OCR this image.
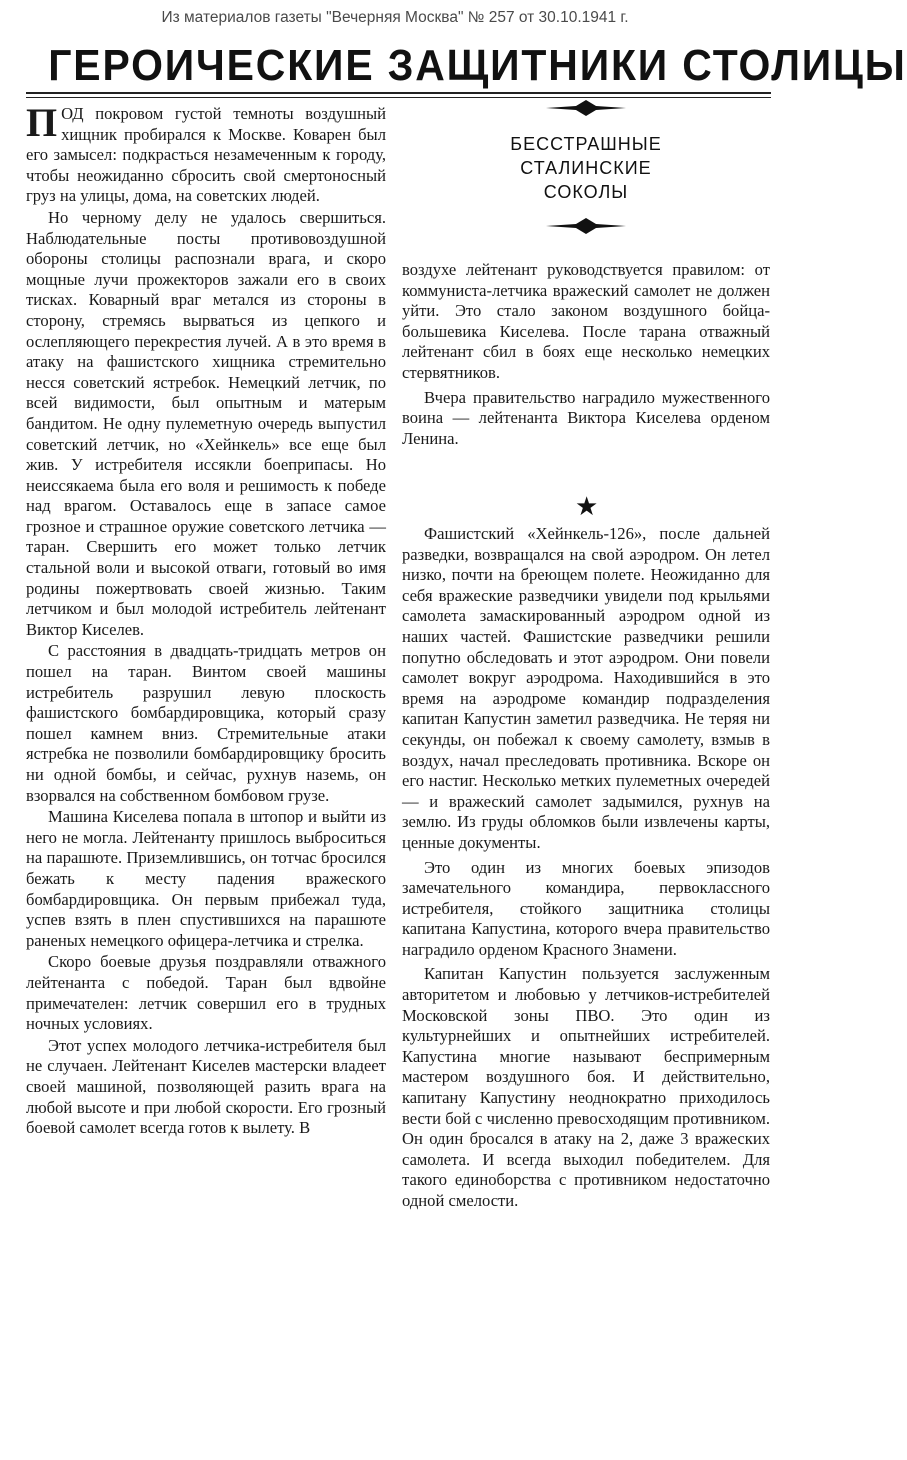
Из материалов газеты "Вечерняя Москва" № 257 от 30.10.1941 г.
ГЕРОИЧЕСКИЕ ЗАЩИТНИКИ СТОЛИЦЫ

ПОД покровом густой темноты воздушный хищник пробирался к Москве. Коварен был его замысел: подкрасться незамеченным к городу, чтобы неожиданно сбросить свой смертоносный груз на улицы, дома, на советских людей.

Но черному делу не удалось свершиться. Наблюдательные посты противовоздушной обороны столицы распознали врага, и скоро мощные лучи прожекторов зажали его в своих тисках. Коварный враг метался из стороны в сторону, стремясь вырваться из цепкого и ослепляющего перекрестия лучей. А в это время в атаку на фашистского хищника стремительно несся советский ястребок. Немецкий летчик, по всей видимости, был опытным и матерым бандитом. Не одну пулеметную очередь выпустил советский летчик, но «Хейнкель» все еще был жив. У истребителя иссякли боеприпасы. Но неиссякаема была его воля и решимость к победе над врагом. Оставалось еще в запасе самое грозное и страшное оружие советского летчика — таран. Свершить его может только летчик стальной воли и высокой отваги, готовый во имя родины пожертвовать своей жизнью. Таким летчиком и был молодой истребитель лейтенант Виктор Киселев.

С расстояния в двадцать-тридцать метров он пошел на таран. Винтом своей машины истребитель разрушил левую плоскость фашистского бомбардировщика, который сразу пошел камнем вниз. Стремительные атаки ястребка не позволили бомбардировщику бросить ни одной бомбы, и сейчас, рухнув наземь, он взорвался на собственном бомбовом грузе.

Машина Киселева попала в штопор и выйти из него не могла. Лейтенанту пришлось выброситься на парашюте. Приземлившись, он тотчас бросился бежать к месту падения вражеского бомбардировщика. Он первым прибежал туда, успев взять в плен спустившихся на парашюте раненых немецкого офицера-летчика и стрелка.

Скоро боевые друзья поздравляли отважного лейтенанта с победой. Таран был вдвойне примечателен: летчик совершил его в трудных ночных условиях.

Этот успех молодого летчика-истребителя был не случаен. Лейтенант Киселев мастерски владеет своей машиной, позволяющей разить врага на любой высоте и при любой скорости. Его грозный боевой самолет всегда готов к вылету. В

БЕССТРАШНЫЕ
СТАЛИНСКИЕ
СОКОЛЫ

воздухе лейтенант руководствуется правилом: от коммуниста-летчика вражеский самолет не должен уйти. Это стало законом воздушного бойца-большевика Киселева. После тарана отважный лейтенант сбил в боях еще несколько немецких стервятников.

Вчера правительство наградило мужественного воина — лейтенанта Виктора Киселева орденом Ленина.

★

Фашистский «Хейнкель-126», после дальней разведки, возвращался на свой аэродром. Он летел низко, почти на бреющем полете. Неожиданно для себя вражеские разведчики увидели под крыльями самолета замаскированный аэродром одной из наших частей. Фашистские разведчики решили попутно обследовать и этот аэродром. Они повели самолет вокруг аэродрома. Находившийся в это время на аэродроме командир подразделения капитан Капустин заметил разведчика. Не теряя ни секунды, он побежал к своему самолету, взмыв в воздух, начал преследовать противника. Вскоре он его настиг. Несколько метких пулеметных очередей — и вражеский самолет задымился, рухнув на землю. Из груды обломков были извлечены карты, ценные документы.

Это один из многих боевых эпизодов замечательного командира, первоклассного истребителя, стойкого защитника столицы капитана Капустина, которого вчера правительство наградило орденом Красного Знамени.

Капитан Капустин пользуется заслуженным авторитетом и любовью у летчиков-истребителей Московской зоны ПВО. Это один из культурнейших и опытнейших истребителей. Капустина многие называют беспримерным мастером воздушного боя. И действительно, капитану Капустину неоднократно приходилось вести бой с численно превосходящим противником. Он один бросался в атаку на 2, даже 3 вражеских самолета. И всегда выходил победителем. Для такого единоборства с противником недостаточно одной смелости.
